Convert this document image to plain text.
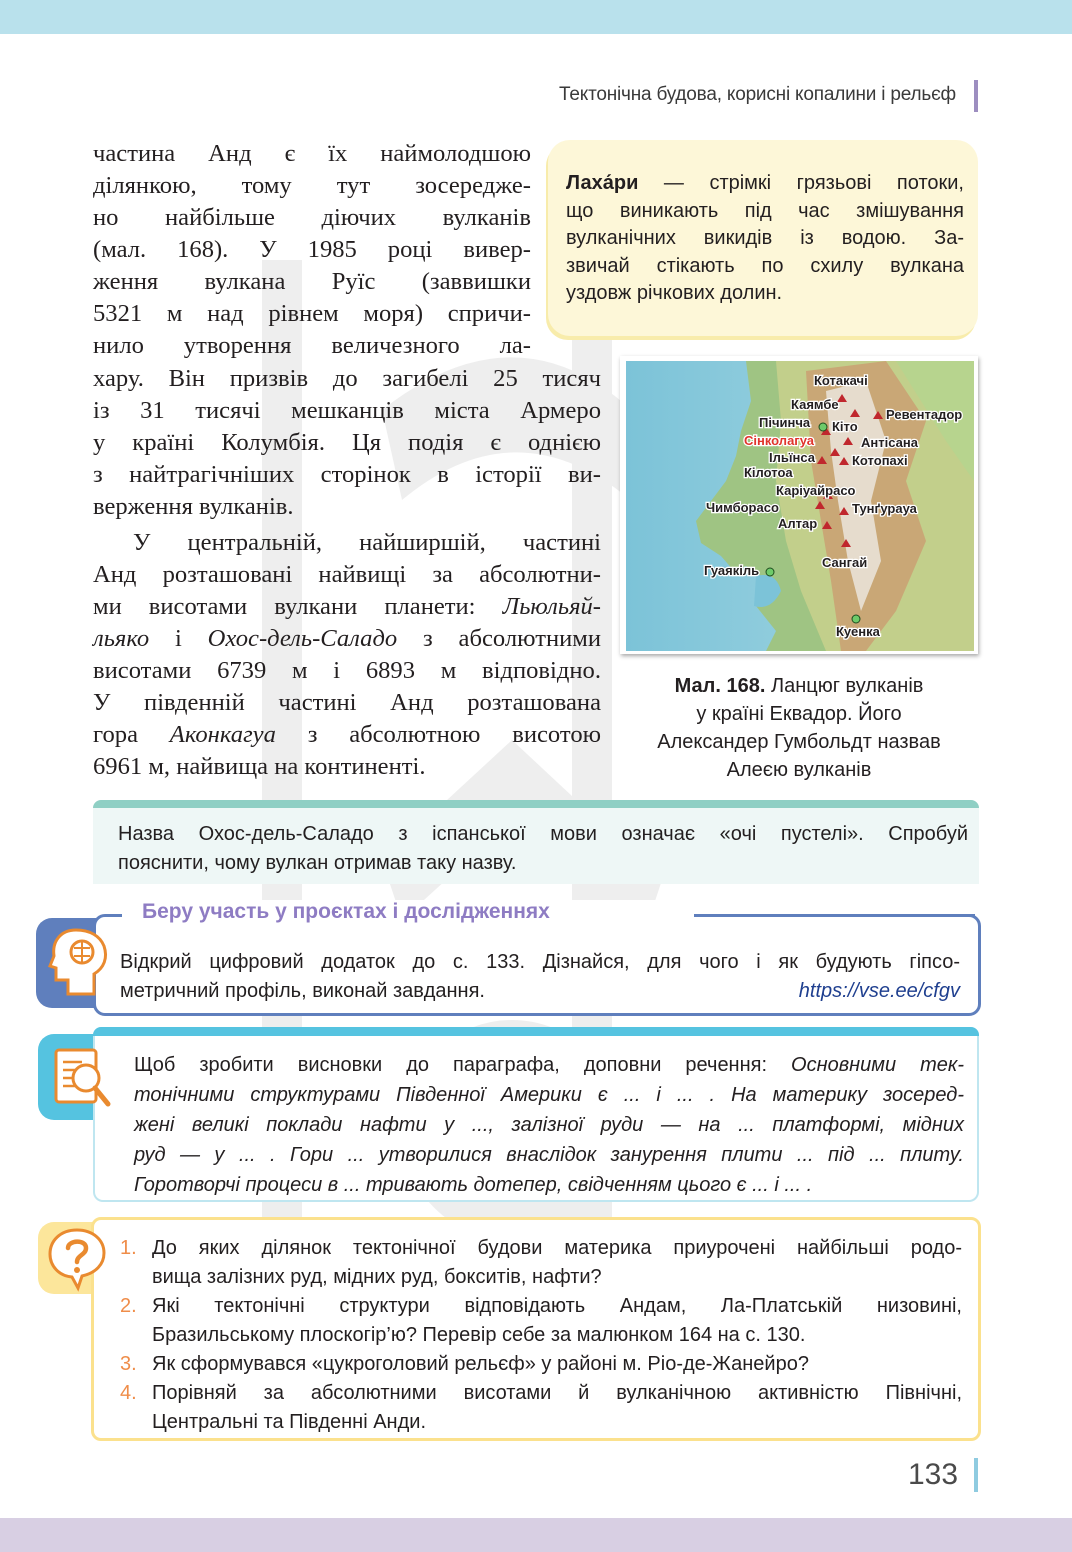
Тектонічна будова, корисні копалини і рельєф
частина Анд є їх наймолодшою
ділянкою, тому тут зосередже-
но найбільше діючих вулканів
(мал. 168). У 1985 році вивер-
ження вулкана Руїс (заввишки
5321 м над рівнем моря) спричи-
нило утворення величезного ла-
хару. Він призвів до загибелі 25 тисяч
із 31 тисячі мешканців міста Армеро
у країні Колумбія. Ця подія є однією
з найтрагічніших сторінок в історії ви-
верження вулканів.
У центральній, найширшій, частині
Анд розташовані найвищі за абсолютни-
ми висотами вулкани планети: Льюльяй-
льяко і Охос-дель-Саладо з абсолютними
висотами 6739 м і 6893 м відповідно.
У південній частині Анд розташована
гора Аконкагуа з абсолютною висотою
6961 м, найвища на континенті.
Лаха́ри — стрімкі грязьові потоки,
що виникають під час змішування
вулканічних викидів із водою. За-
звичай стікають по схилу вулкана
уздовж річкових долин.
Котакачі
Каямбе
Ревентадор
Пічинча Кіто
Сінколагуа	Антісана
Ільїнса	Котопахі
Кілотоа
Каріуайрасо
Чимборасо	Тунґурауа
Алтар
Сангай
Гуаякіль
Куенка
Мал. 168. Ланцюг вулканів
у країні Еквадор. Його
Александер Гумбольдт назвав
Алеєю вулканів
Назва Охос-дель-Саладо з іспанської мови означає «очі пустелі». Спробуй
пояснити, чому вулкан отримав таку назву.
Беру участь у проєктах і дослідженнях
Відкрий цифровий додаток до с. 133. Дізнайся, для чого і як будують гіпсо-
метричний профіль, виконай завдання.	https://vse.ee/cfgv
Щоб зробити висновки до параграфа, доповни речення: Основними тек-
тонічними структурами Південної Америки є ... і ... . На материку зосеред-
жені великі поклади нафти у ..., залізної руди — на ... платформі, мідних
руд — у ... . Гори ... утворилися внаслідок занурення плити ... під ... плиту.
Горотворчі процеси в ... тривають дотепер, свідченням цього є ... і ... .
1. До яких ділянок тектонічної будови материка приурочені найбільші родо-
вища залізних руд, мідних руд, бокситів, нафти?
2. Які тектонічні структури відповідають Андам, Ла-Платській низовині,
Бразильському плоскогір’ю? Перевір себе за малюнком 164 на с. 130.
3. Як сформувався «цукроголовий рельєф» у районі м. Ріо-де-Жанейро?
4. Порівняй за абсолютними висотами й вулканічною активністю Північні,
Центральні та Південні Анди.
133
